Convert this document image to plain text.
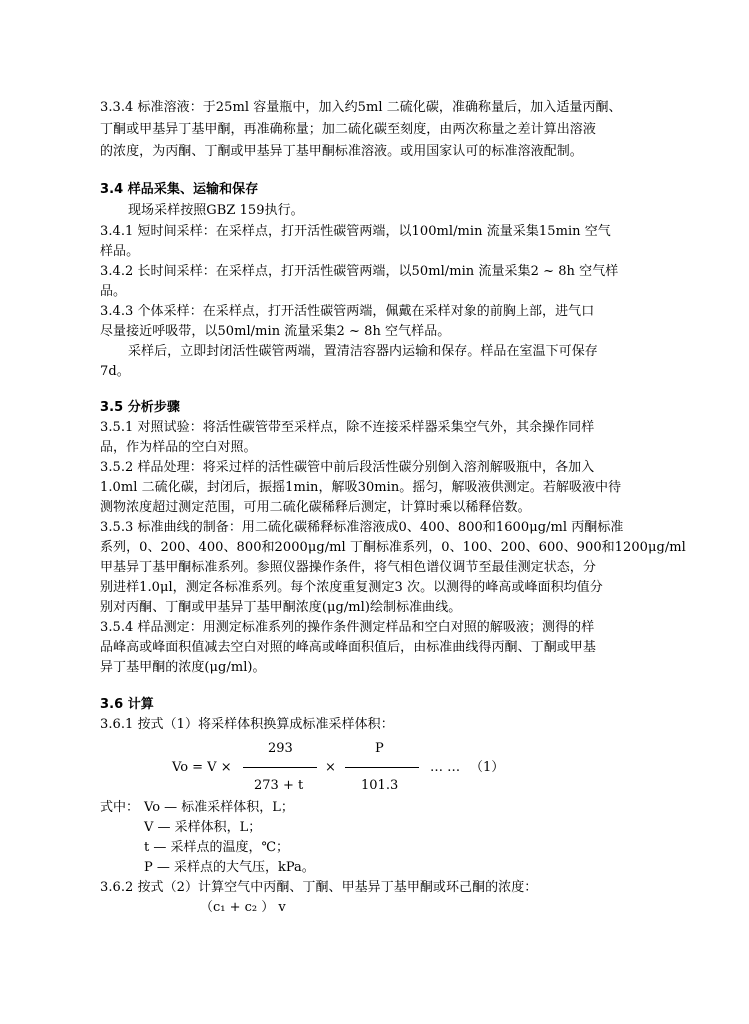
3.3.4 标准溶液：于25ml 容量瓶中，加入约5ml 二硫化碳，准确称量后，加入适量丙酮、
丁酮或甲基异丁基甲酮，再准确称量；加二硫化碳至刻度，由两次称量之差计算出溶液
的浓度，为丙酮、丁酮或甲基异丁基甲酮标准溶液。或用国家认可的标准溶液配制。
3.4 样品采集、运输和保存
现场采样按照GBZ 159执行。
3.4.1 短时间采样：在采样点，打开活性碳管两端，以100ml/min 流量采集15min 空气
样品。
3.4.2 长时间采样：在采样点，打开活性碳管两端，以50ml/min 流量采集2 ~ 8h 空气样
品。
3.4.3 个体采样：在采样点，打开活性碳管两端，佩戴在采样对象的前胸上部，进气口
尽量接近呼吸带，以50ml/min 流量采集2 ~ 8h 空气样品。
采样后，立即封闭活性碳管两端，置清洁容器内运输和保存。样品在室温下可保存
7d。
3.5 分析步骤
3.5.1 对照试验：将活性碳管带至采样点，除不连接采样器采集空气外，其余操作同样
品，作为样品的空白对照。
3.5.2 样品处理：将采过样的活性碳管中前后段活性碳分别倒入溶剂解吸瓶中，各加入
1.0ml 二硫化碳，封闭后，振摇1min，解吸30min。摇匀，解吸液供测定。若解吸液中待
测物浓度超过测定范围，可用二硫化碳稀释后测定，计算时乘以稀释倍数。
3.5.3 标准曲线的制备：用二硫化碳稀释标准溶液成0、400、800和1600μg/ml 丙酮标准
系列，0、200、400、800和2000μg/ml 丁酮标准系列，0、100、200、600、900和1200μg/ml
甲基异丁基甲酮标准系列。参照仪器操作条件，将气相色谱仪调节至最佳测定状态，分
别进样1.0μl，测定各标准系列。每个浓度重复测定3 次。以测得的峰高或峰面积均值分
别对丙酮、丁酮或甲基异丁基甲酮浓度(μg/ml)绘制标准曲线。
3.5.4 样品测定：用测定标准系列的操作条件测定样品和空白对照的解吸液；测得的样
品峰高或峰面积值减去空白对照的峰高或峰面积值后，由标准曲线得丙酮、丁酮或甲基
异丁基甲酮的浓度(μg/ml)。
3.6 计算
3.6.1 按式（1）将采样体积换算成标准采样体积：
293	P
Vo = V ×	×	… … （1）
273 + t	101.3
式中： Vo — 标准采样体积，L；
V — 采样体积，L；
t — 采样点的温度，℃；
P — 采样点的大气压，kPa。
3.6.2 按式（2）计算空气中丙酮、丁酮、甲基异丁基甲酮或环己酮的浓度：
（c₁ + c₂ ） v
